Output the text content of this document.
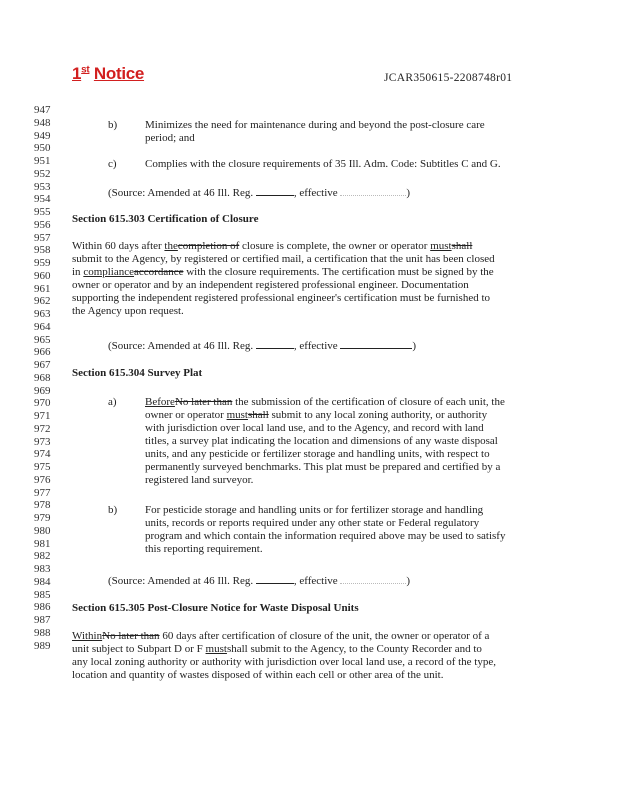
1st Notice	JCAR350615-2208748r01
947
948
949
950
951
952
953
954
955
956
957
958
959
960
961
962
963
964
965
966
967
968
969
970
971
972
973
974
975
976
977
978
979
980
981
982
983
984
985
986
987
988
989
b)	Minimizes the need for maintenance during and beyond the post-closure care
period; and
c)	Complies with the closure requirements of 35 Ill. Adm. Code: Subtitles C and G.
(Source: Amended at 46 Ill. Reg.	, effective	)
Section 615.303 Certification of Closure
Within 60 days after thecompletion of closure is complete, the owner or operator mustshall
submit to the Agency, by registered or certified mail, a certification that the unit has been closed
in complianceaccordance with the closure requirements. The certification must be signed by the
owner or operator and by an independent registered professional engineer. Documentation
supporting the independent registered professional engineer's certification must be furnished to
the Agency upon request.
(Source: Amended at 46 Ill. Reg.	, effective	)
Section 615.304 Survey Plat
a)	BeforeNo later than the submission of the certification of closure of each unit, the
owner or operator mustshall submit to any local zoning authority, or authority
with jurisdiction over local land use, and to the Agency, and record with land
titles, a survey plat indicating the location and dimensions of any waste disposal
units, and any pesticide or fertilizer storage and handling units, with respect to
permanently surveyed benchmarks. This plat must be prepared and certified by a
registered land surveyor.
b)	For pesticide storage and handling units or for fertilizer storage and handling
units, records or reports required under any other state or Federal regulatory
program and which contain the information required above may be used to satisfy
this reporting requirement.
(Source: Amended at 46 Ill. Reg.	, effective	)
Section 615.305 Post-Closure Notice for Waste Disposal Units
WithinNo later than 60 days after certification of closure of the unit, the owner or operator of a
unit subject to Subpart D or F mustshall submit to the Agency, to the County Recorder and to
any local zoning authority or authority with jurisdiction over local land use, a record of the type,
location and quantity of wastes disposed of within each cell or other area of the unit.
